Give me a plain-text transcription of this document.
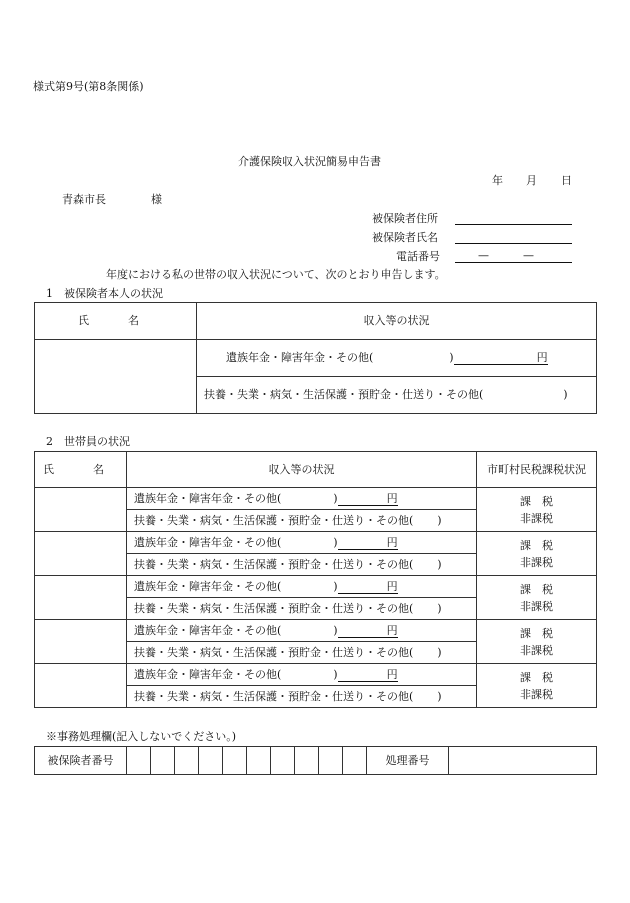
様式第9号(第8条関係)
介護保険収入状況簡易申告書
年 月 日
青森市長	様
被保険者住所
被保険者氏名
電話番号	—	—
年度における私の世帯の収入状況について、次のとおり申告します。
1　被保険者本人の状況
氏　名	収入等の状況

	遺族年金・障害年金・その他( ) 円

	扶養・失業・病気・生活保護・預貯金・仕送り・その他( )
2　世帯員の状況
氏　名	収入等の状況	市町村民税課税状況

	遺族年金・障害年金・その他( ) 円	課　税
非課税

	扶養・失業・病気・生活保護・預貯金・仕送り・その他( )	

	遺族年金・障害年金・その他( ) 円	課　税
非課税

	扶養・失業・病気・生活保護・預貯金・仕送り・その他( )	

	遺族年金・障害年金・その他( ) 円	課　税
非課税

	扶養・失業・病気・生活保護・預貯金・仕送り・その他( )	

	遺族年金・障害年金・その他( ) 円	課　税
非課税

	扶養・失業・病気・生活保護・預貯金・仕送り・その他( )	

	遺族年金・障害年金・その他( ) 円	課　税
非課税

	扶養・失業・病気・生活保護・預貯金・仕送り・その他( )	
※事務処理欄(記入しないでください。)
被保険者番号											処理番号	
